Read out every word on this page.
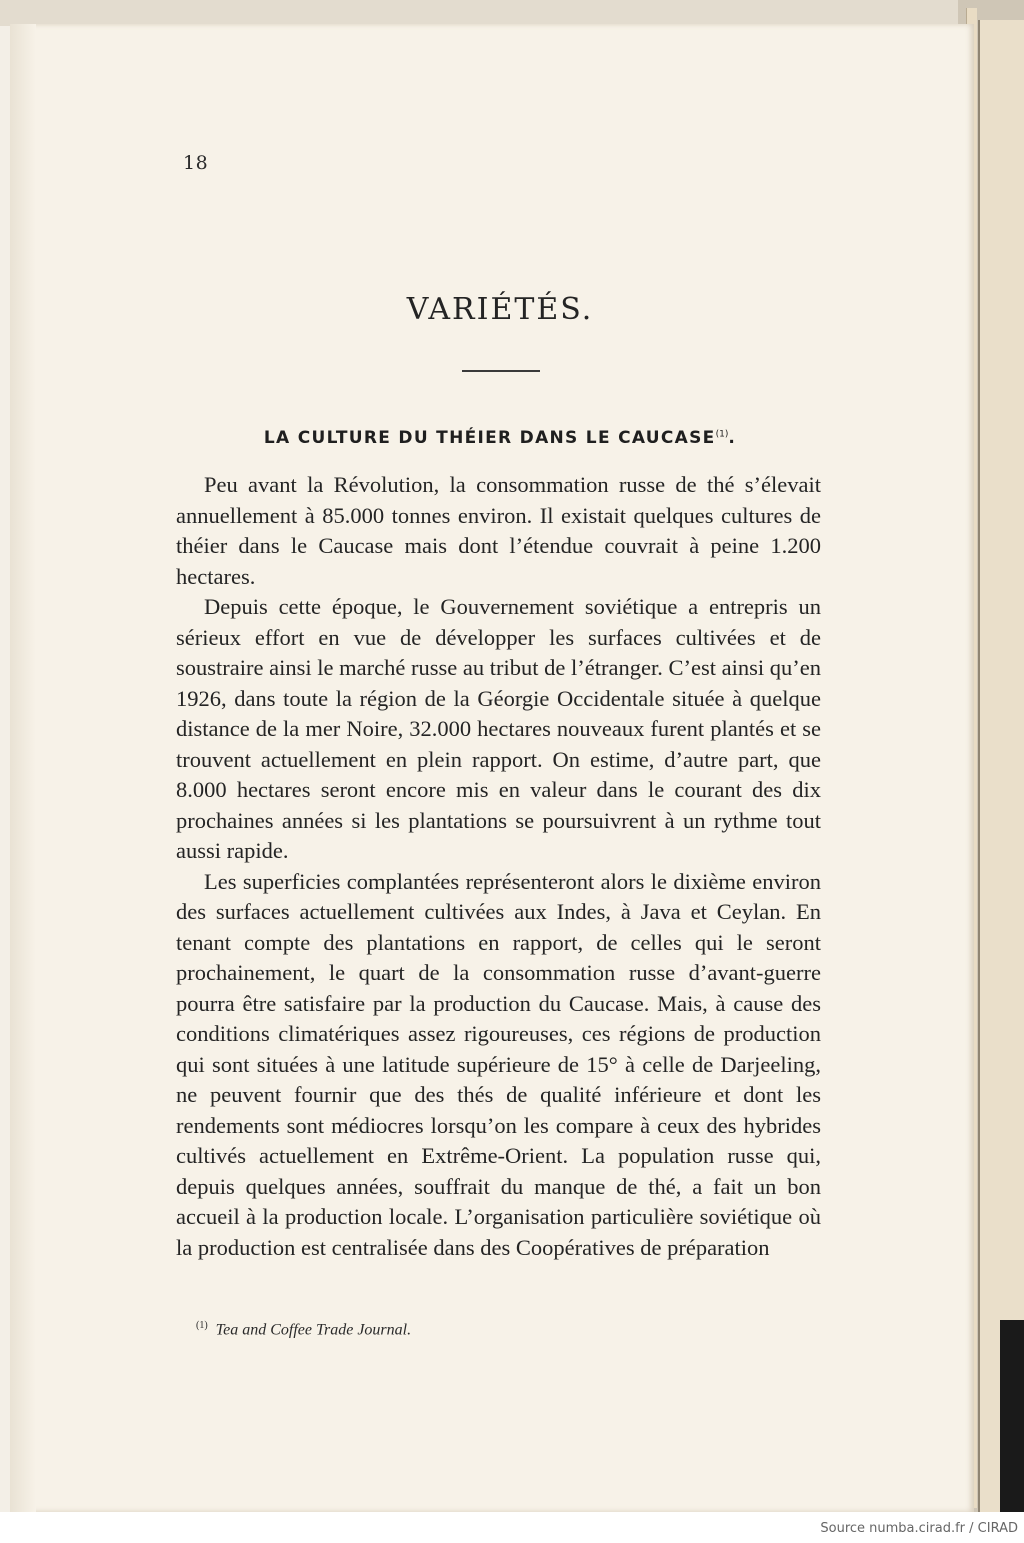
18
VARIÉTÉS.
LA CULTURE DU THÉIER DANS LE CAUCASE$^{(1)}$.

Peu avant la Révolution, la consommation russe de thé s’élevait annuellement à 85.000 tonnes environ. Il existait quelques cultures de théier dans le Caucase mais dont l’étendue couvrait à peine 1.200 hectares.

Depuis cette époque, le Gouvernement soviétique a entrepris un sérieux effort en vue de développer les surfaces cultivées et de soustraire ainsi le marché russe au tribut de l’étranger. C’est ainsi qu’en 1926, dans toute la région de la Géorgie Occidentale située à quelque distance de la mer Noire, 32.000 hectares nouveaux furent plantés et se trouvent actuellement en plein rapport. On estime, d’autre part, que 8.000 hectares seront encore mis en valeur dans le courant des dix prochaines années si les plantations se poursuivrent à un rythme tout aussi rapide.

Les superficies complantées représenteront alors le dixième environ des surfaces actuellement cultivées aux Indes, à Java et Ceylan. En tenant compte des plantations en rapport, de celles qui le seront prochainement, le quart de la consommation russe d’avant-guerre pourra être satisfaire par la production du Caucase. Mais, à cause des conditions climatériques assez rigoureuses, ces régions de production qui sont situées à une latitude supérieure de 15° à celle de Darjeeling, ne peuvent fournir que des thés de qualité inférieure et dont les rendements sont médiocres lorsqu’on les compare à ceux des hybrides cultivés actuellement en Extrême-Orient. La population russe qui, depuis quelques années, souffrait du manque de thé, a fait un bon accueil à la production locale. L’organisation particulière soviétique où la production est centralisée dans des Coopératives de préparation

$^{(1)}$ Tea and Coffee Trade Journal.
Source numba.cirad.fr / CIRAD
